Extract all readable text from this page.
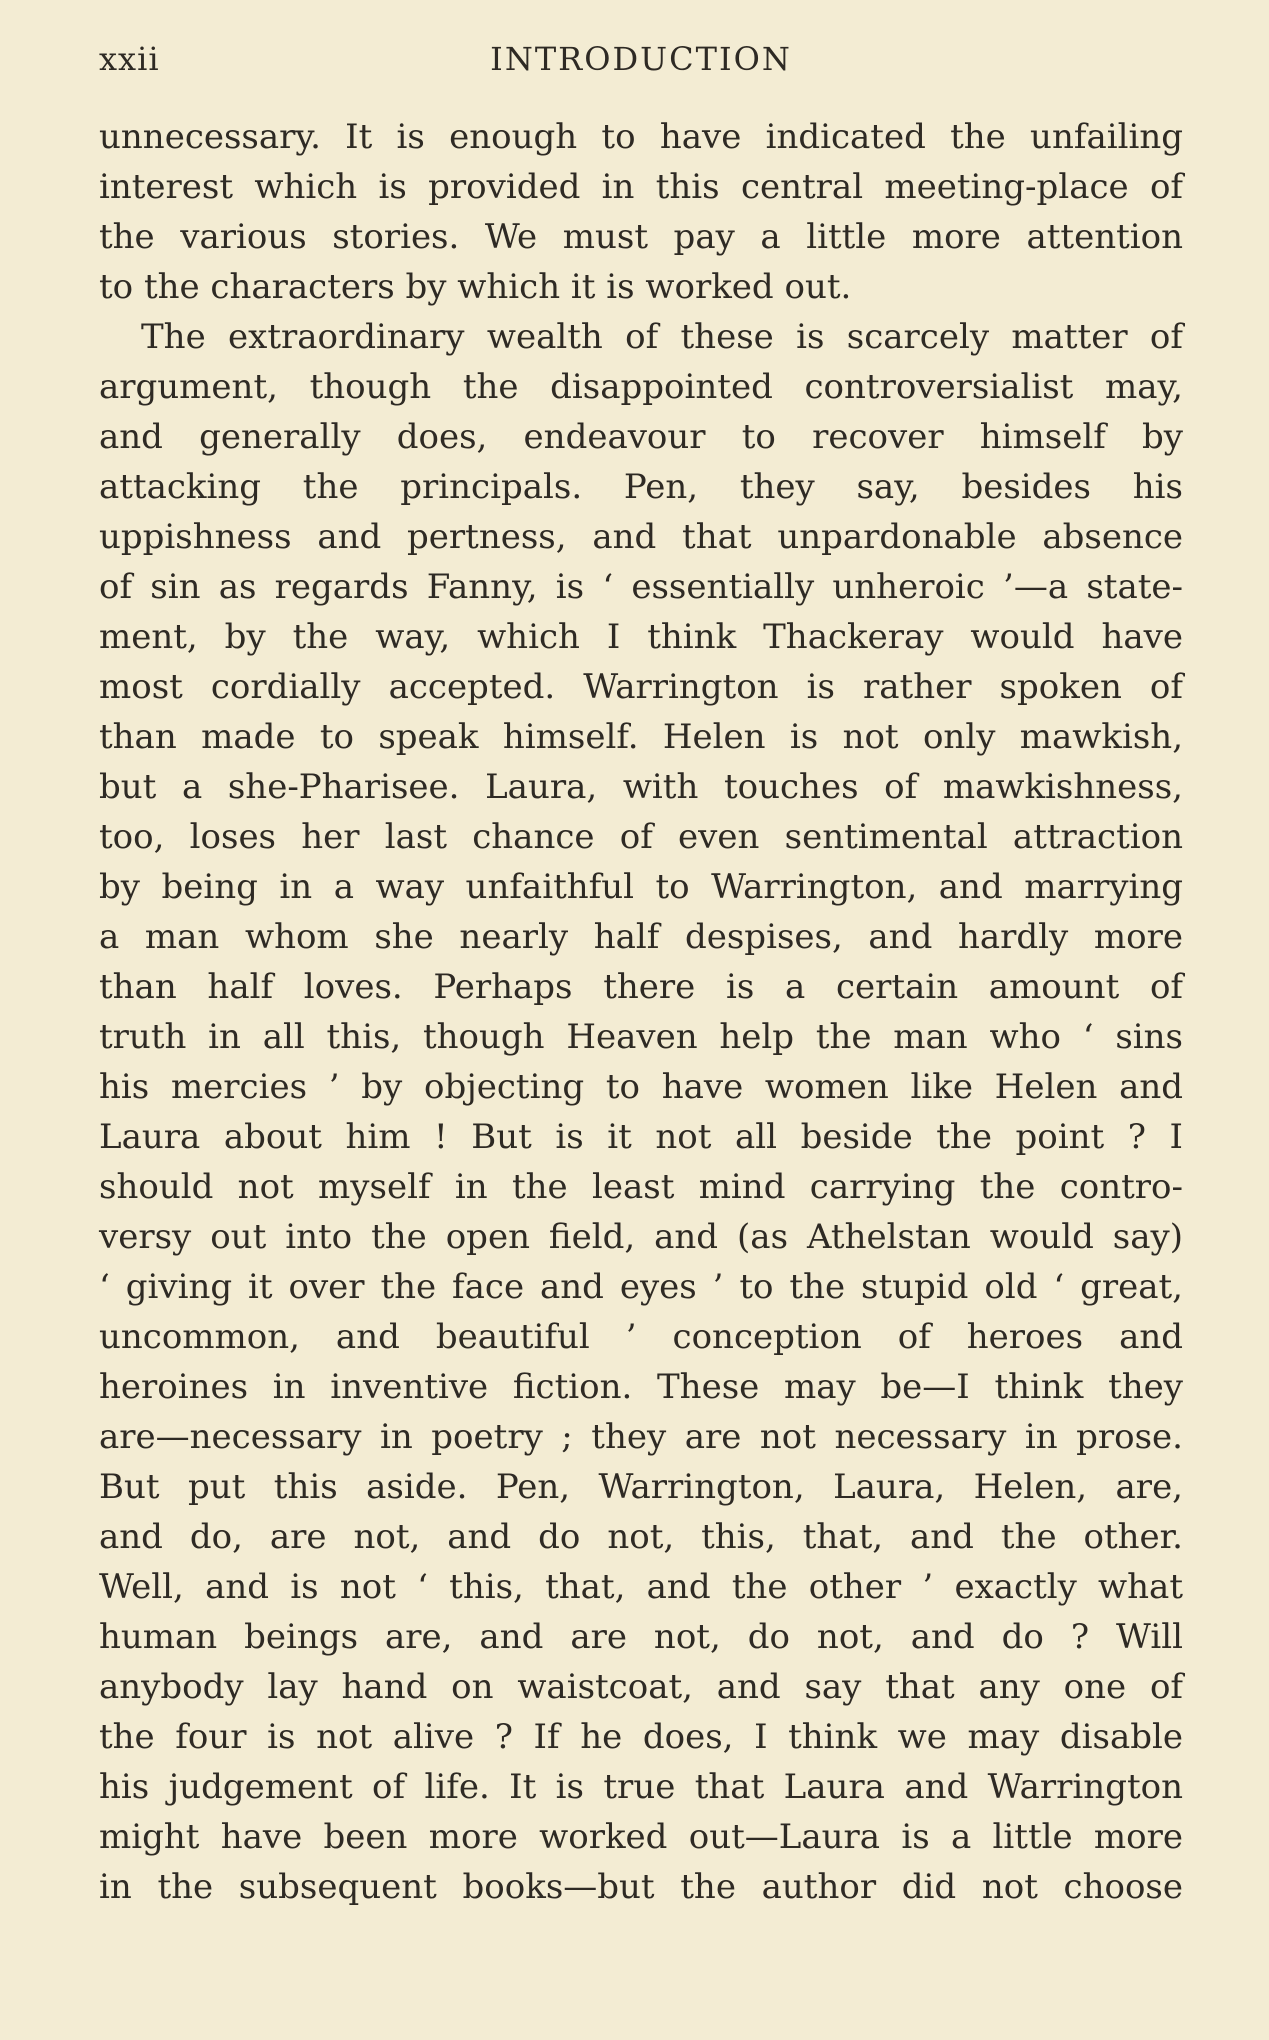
xxii	INTRODUCTION
unnecessary. It is enough to have indicated the unfailing
interest which is provided in this central meeting-place of
the various stories. We must pay a little more attention
to the characters by which it is worked out.
The extraordinary wealth of these is scarcely matter of
argument, though the disappointed controversialist may,
and generally does, endeavour to recover himself by
attacking the principals. Pen, they say, besides his
uppishness and pertness, and that unpardonable absence
of sin as regards Fanny, is ‘ essentially unheroic ’—a state-
ment, by the way, which I think Thackeray would have
most cordially accepted. Warrington is rather spoken of
than made to speak himself. Helen is not only mawkish,
but a she-Pharisee. Laura, with touches of mawkishness,
too, loses her last chance of even sentimental attraction
by being in a way unfaithful to Warrington, and marrying
a man whom she nearly half despises, and hardly more
than half loves. Perhaps there is a certain amount of
truth in all this, though Heaven help the man who ‘ sins
his mercies ’ by objecting to have women like Helen and
Laura about him ! But is it not all beside the point ? I
should not myself in the least mind carrying the contro-
versy out into the open field, and (as Athelstan would say)
‘ giving it over the face and eyes ’ to the stupid old ‘ great,
uncommon, and beautiful ’ conception of heroes and
heroines in inventive fiction. These may be—I think they
are—necessary in poetry ; they are not necessary in prose.
But put this aside. Pen, Warrington, Laura, Helen, are,
and do, are not, and do not, this, that, and the other.
Well, and is not ‘ this, that, and the other ’ exactly what
human beings are, and are not, do not, and do ? Will
anybody lay hand on waistcoat, and say that any one of
the four is not alive ? If he does, I think we may disable
his judgement of life. It is true that Laura and Warrington
might have been more worked out—Laura is a little more
in the subsequent books—but the author did not choose
